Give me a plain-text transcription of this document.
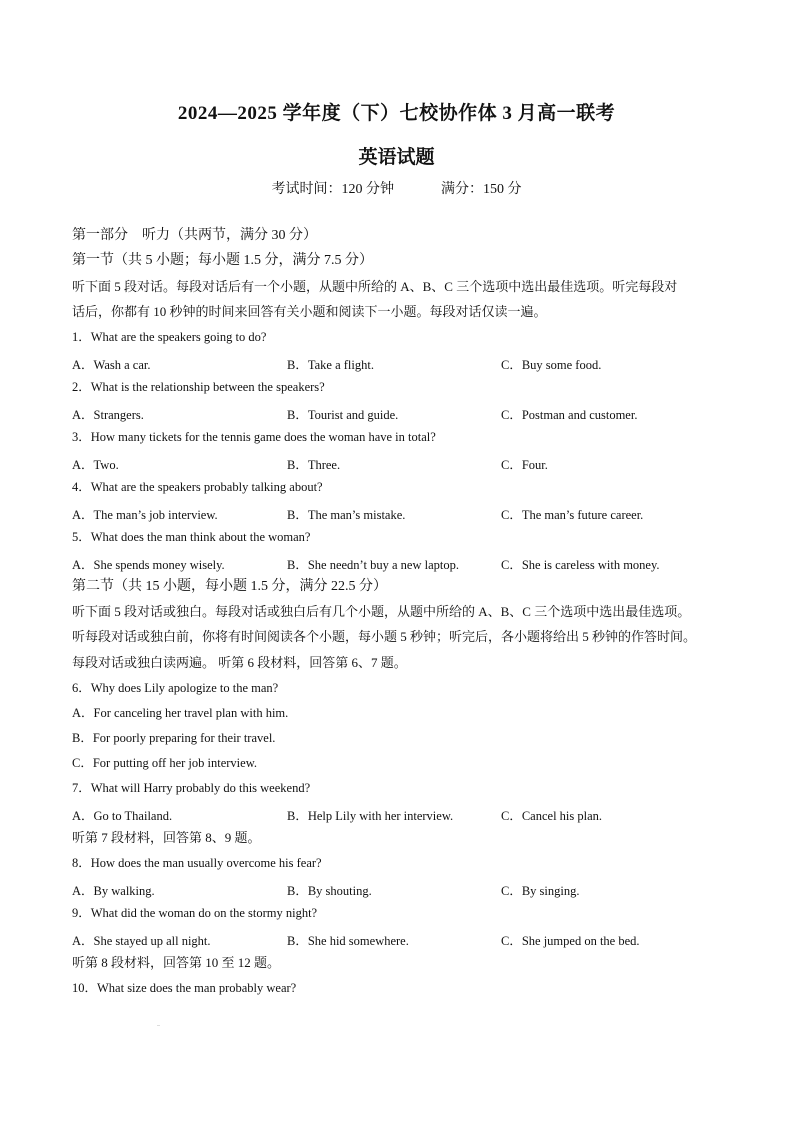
2024—2025 学年度（下）七校协作体 3 月高一联考
英语试题
考试时间：120 分钟	满分：150 分
第一部分　听力（共两节，满分 30 分）
第一节（共 5 小题；每小题 1.5 分，满分 7.5 分）
听下面 5 段对话。每段对话后有一个小题，从题中所给的 A、B、C 三个选项中选出最佳选项。听完每段对
话后，你都有 10 秒钟的时间来回答有关小题和阅读下一小题。每段对话仅读一遍。
1．What are the speakers going to do?
A．Wash a car.	B．Take a flight.	C．Buy some food.
2．What is the relationship between the speakers?
A．Strangers.	B．Tourist and guide.	C．Postman and customer.
3．How many tickets for the tennis game does the woman have in total?
A．Two.	B．Three.	C．Four.
4．What are the speakers probably talking about?
A．The man’s job interview.	B．The man’s mistake.	C．The man’s future career.
5．What does the man think about the woman?
A．She spends money wisely.	B．She needn’t buy a new laptop.	C．She is careless with money.
第二节（共 15 小题，每小题 1.5 分，满分 22.5 分）
听下面 5 段对话或独白。每段对话或独白后有几个小题，从题中所给的 A、B、C 三个选项中选出最佳选项。
听每段对话或独白前，你将有时间阅读各个小题，每小题 5 秒钟；听完后，各小题将给出 5 秒钟的作答时间。
每段对话或独白读两遍。 听第 6 段材料，回答第 6、7 题。
6．Why does Lily apologize to the man?
A．For canceling her travel plan with him.
B．For poorly preparing for their travel.
C．For putting off her job interview.
7．What will Harry probably do this weekend?
A．Go to Thailand.	B．Help Lily with her interview.	C．Cancel his plan.
听第 7 段材料，回答第 8、9 题。
8．How does the man usually overcome his fear?
A．By walking.	B．By shouting.	C．By singing.
9．What did the woman do on the stormy night?
A．She stayed up all night.	B．She hid somewhere.	C．She jumped on the bed.
听第 8 段材料，回答第 10 至 12 题。
10．What size does the man probably wear?
